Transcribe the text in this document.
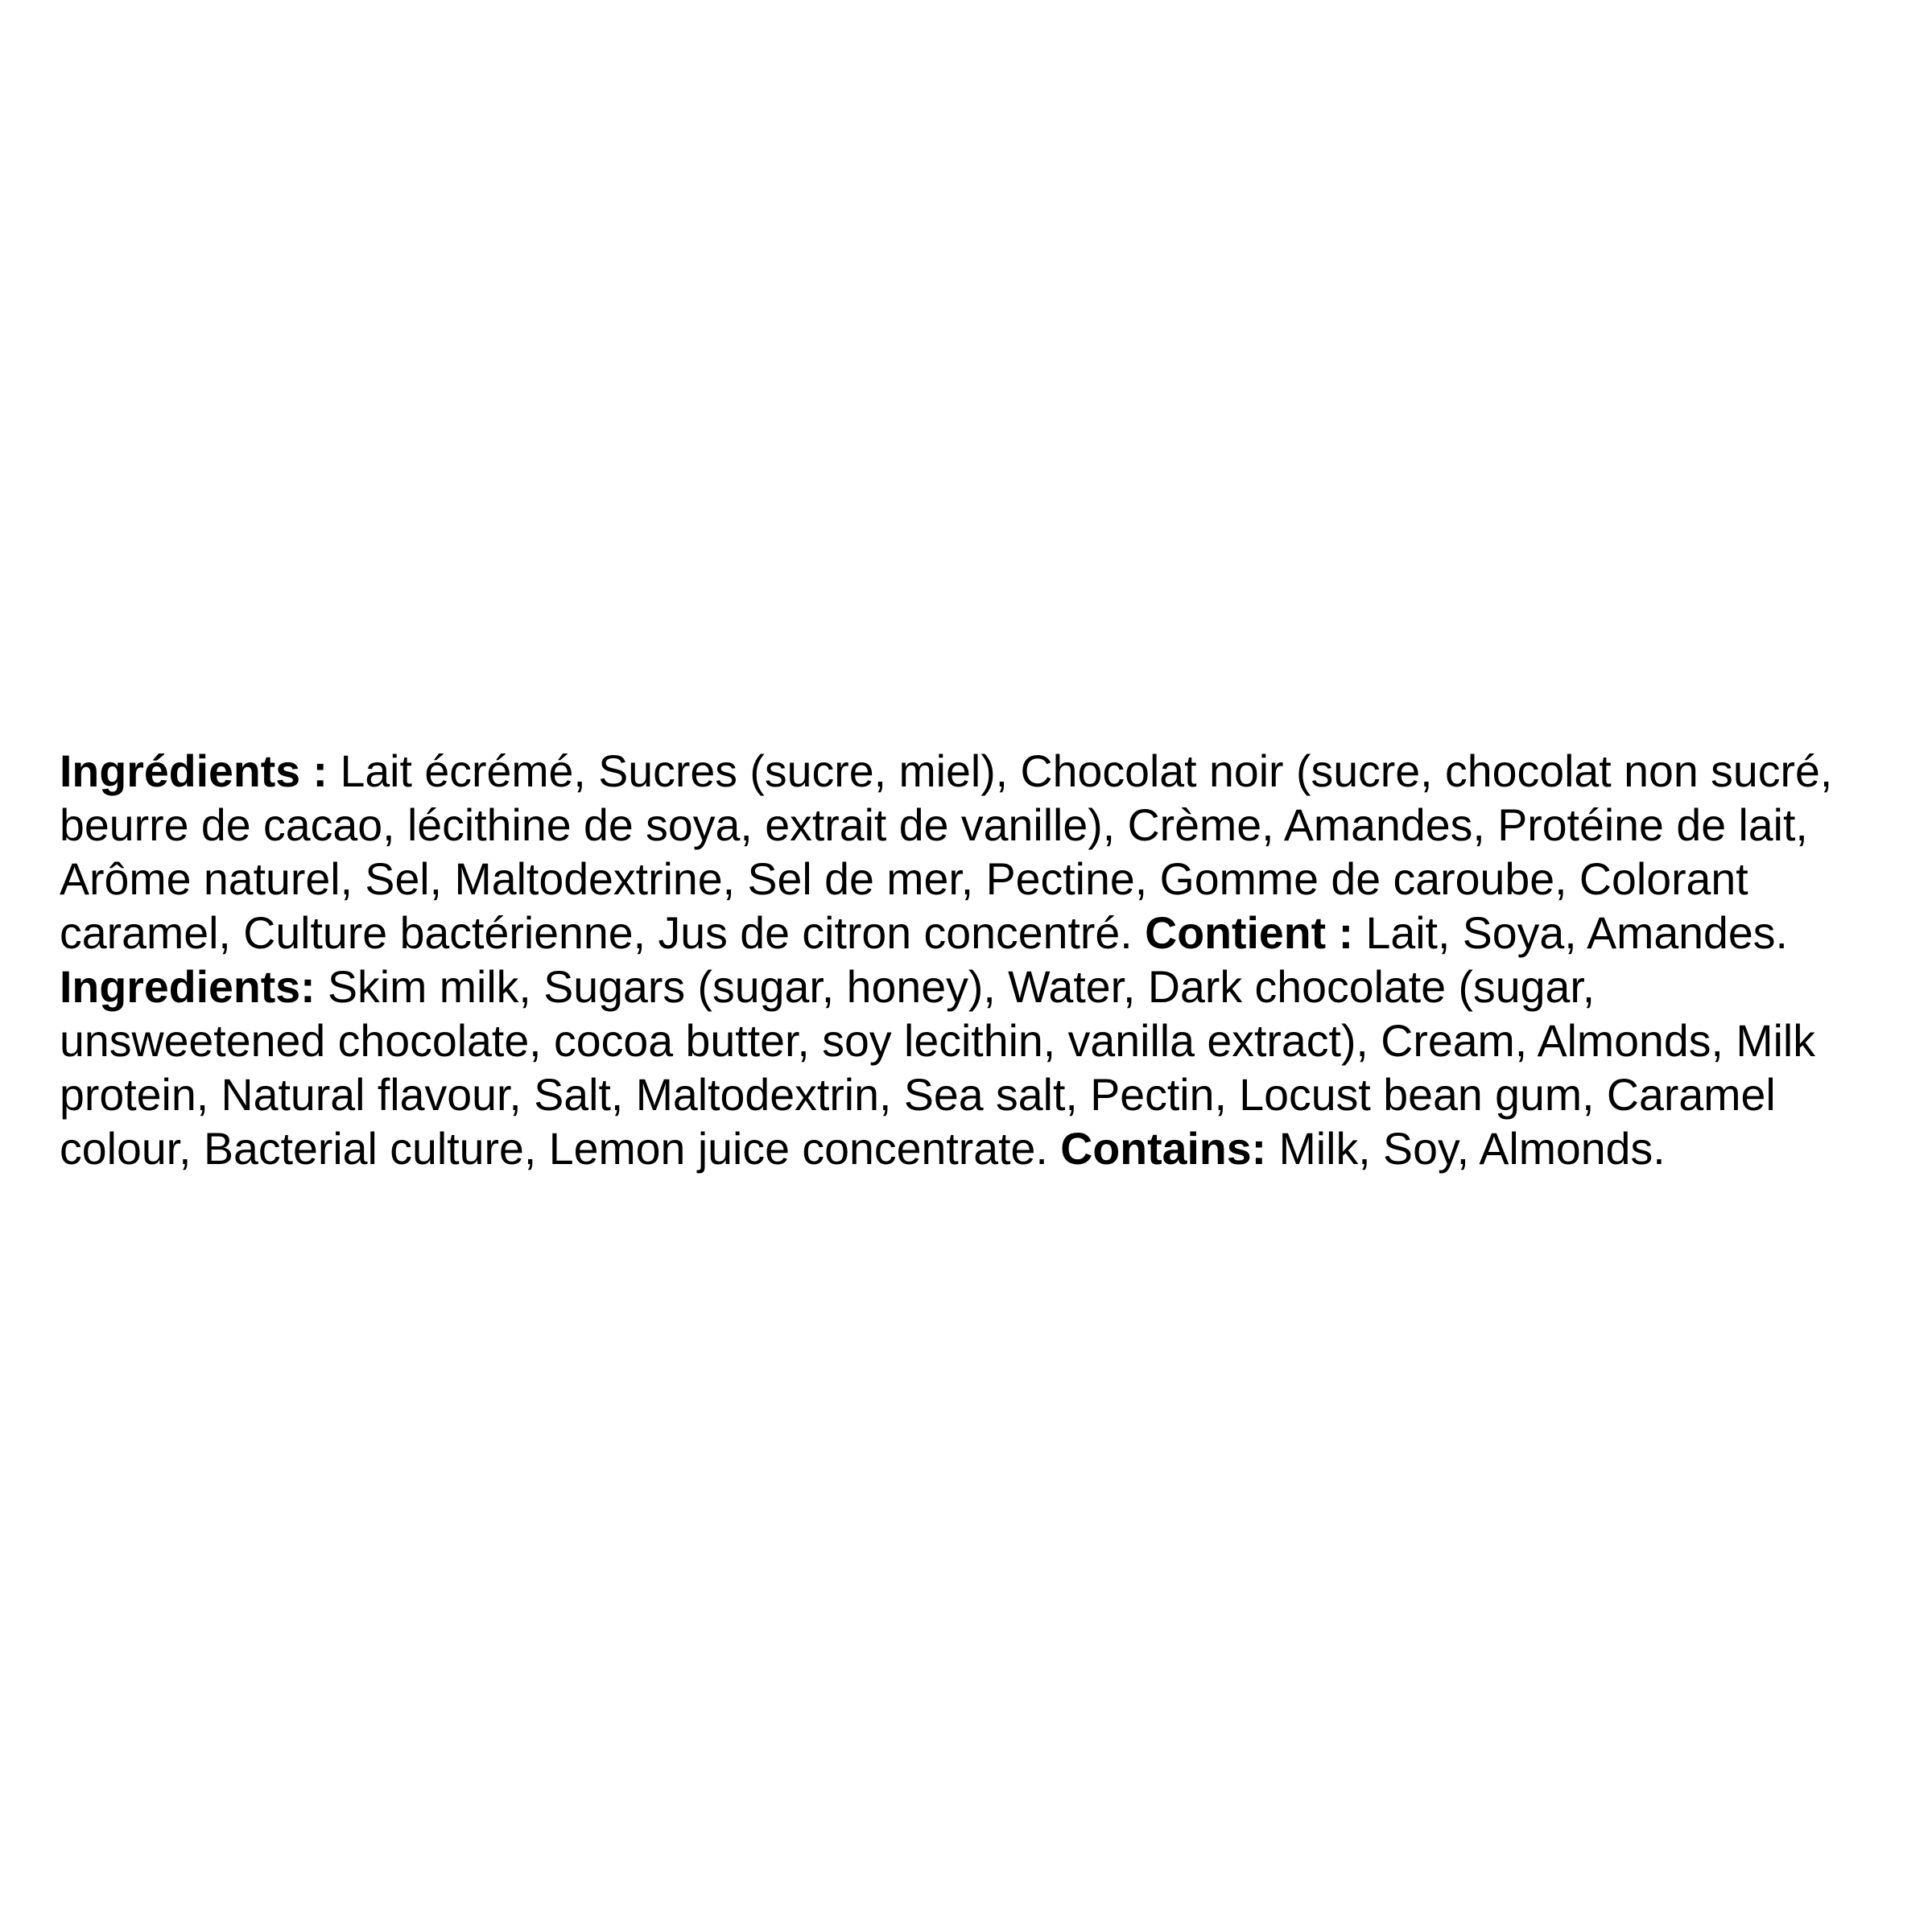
Ingrédients : Lait écrémé, Sucres (sucre, miel), Chocolat noir (sucre, chocolat non sucré,
beurre de cacao, lécithine de soya, extrait de vanille), Crème, Amandes, Protéine de lait,
Arôme naturel, Sel, Maltodextrine, Sel de mer, Pectine, Gomme de caroube, Colorant
caramel, Culture bactérienne, Jus de citron concentré. Contient : Lait, Soya, Amandes.
Ingredients: Skim milk, Sugars (sugar, honey), Water, Dark chocolate (sugar,
unsweetened chocolate, cocoa butter, soy lecithin, vanilla extract), Cream, Almonds, Milk
protein, Natural flavour, Salt, Maltodextrin, Sea salt, Pectin, Locust bean gum, Caramel
colour, Bacterial culture, Lemon juice concentrate. Contains: Milk, Soy, Almonds.
